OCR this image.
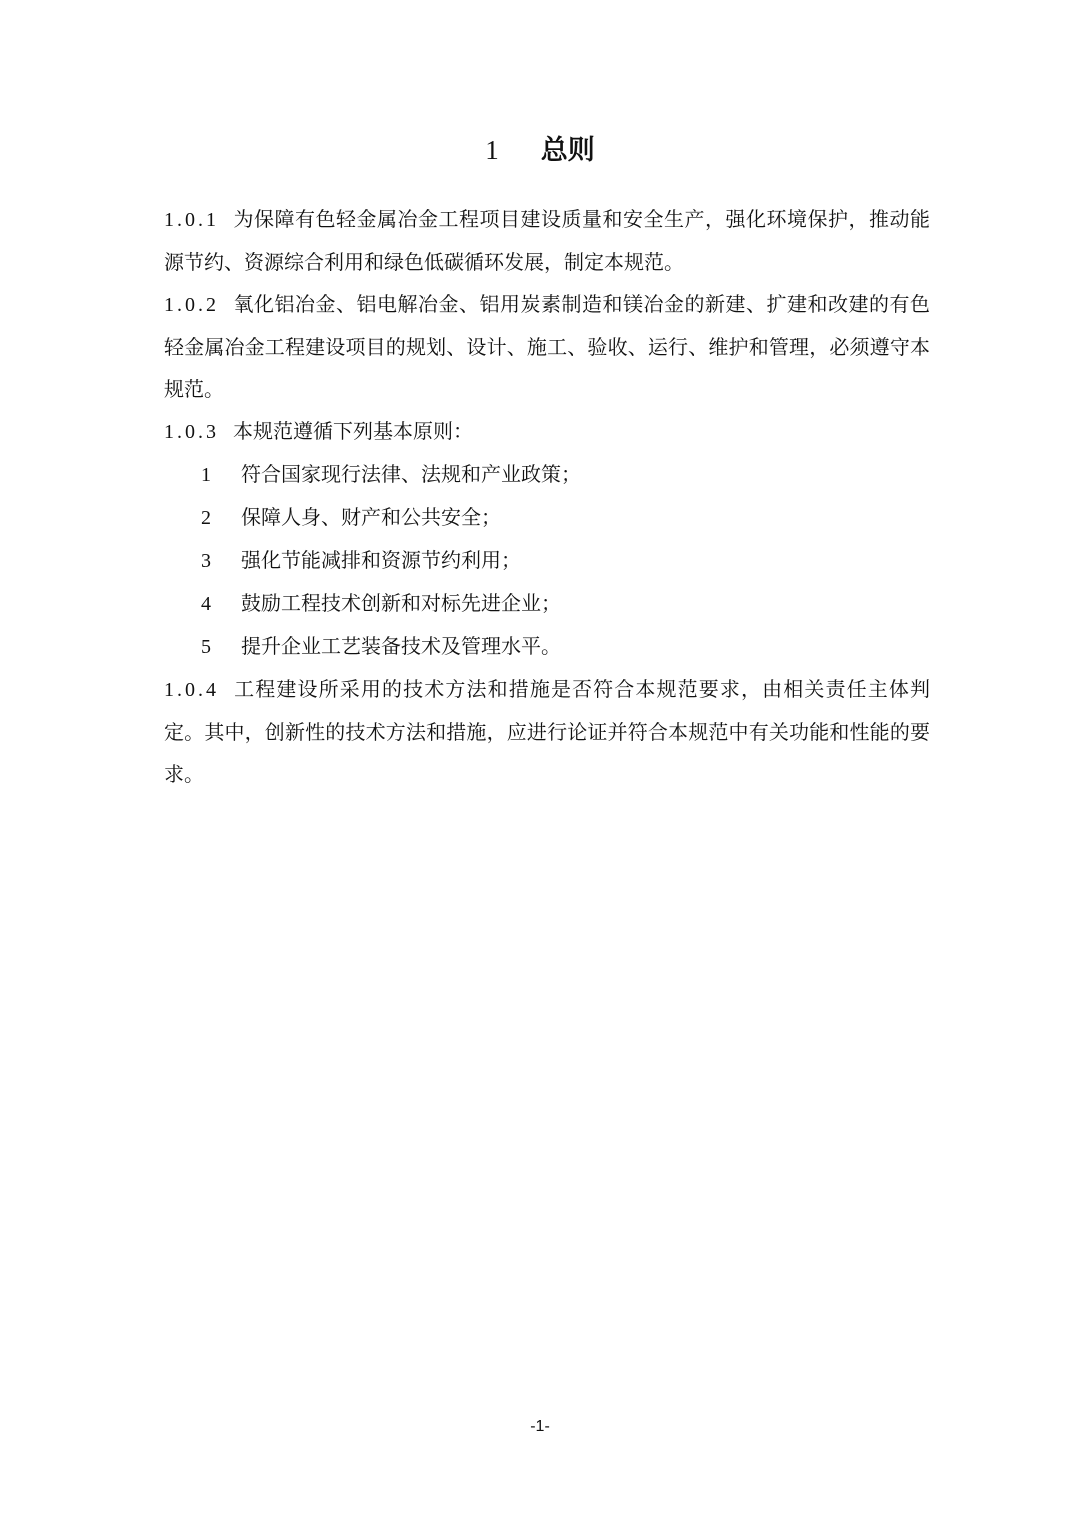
1 总则

1.0.1 为保障有色轻金属冶金工程项目建设质量和安全生产，强化环境保护，推动能源节约、资源综合利用和绿色低碳循环发展，制定本规范。

1.0.2 氧化铝冶金、铝电解冶金、铝用炭素制造和镁冶金的新建、扩建和改建的有色轻金属冶金工程建设项目的规划、设计、施工、验收、运行、维护和管理，必须遵守本规范。

1.0.3 本规范遵循下列基本原则：

1 符合国家现行法律、法规和产业政策；

2 保障人身、财产和公共安全；

3 强化节能减排和资源节约利用；

4 鼓励工程技术创新和对标先进企业；

5 提升企业工艺装备技术及管理水平。

1.0.4 工程建设所采用的技术方法和措施是否符合本规范要求，由相关责任主体判定。其中，创新性的技术方法和措施，应进行论证并符合本规范中有关功能和性能的要求。

-1-
